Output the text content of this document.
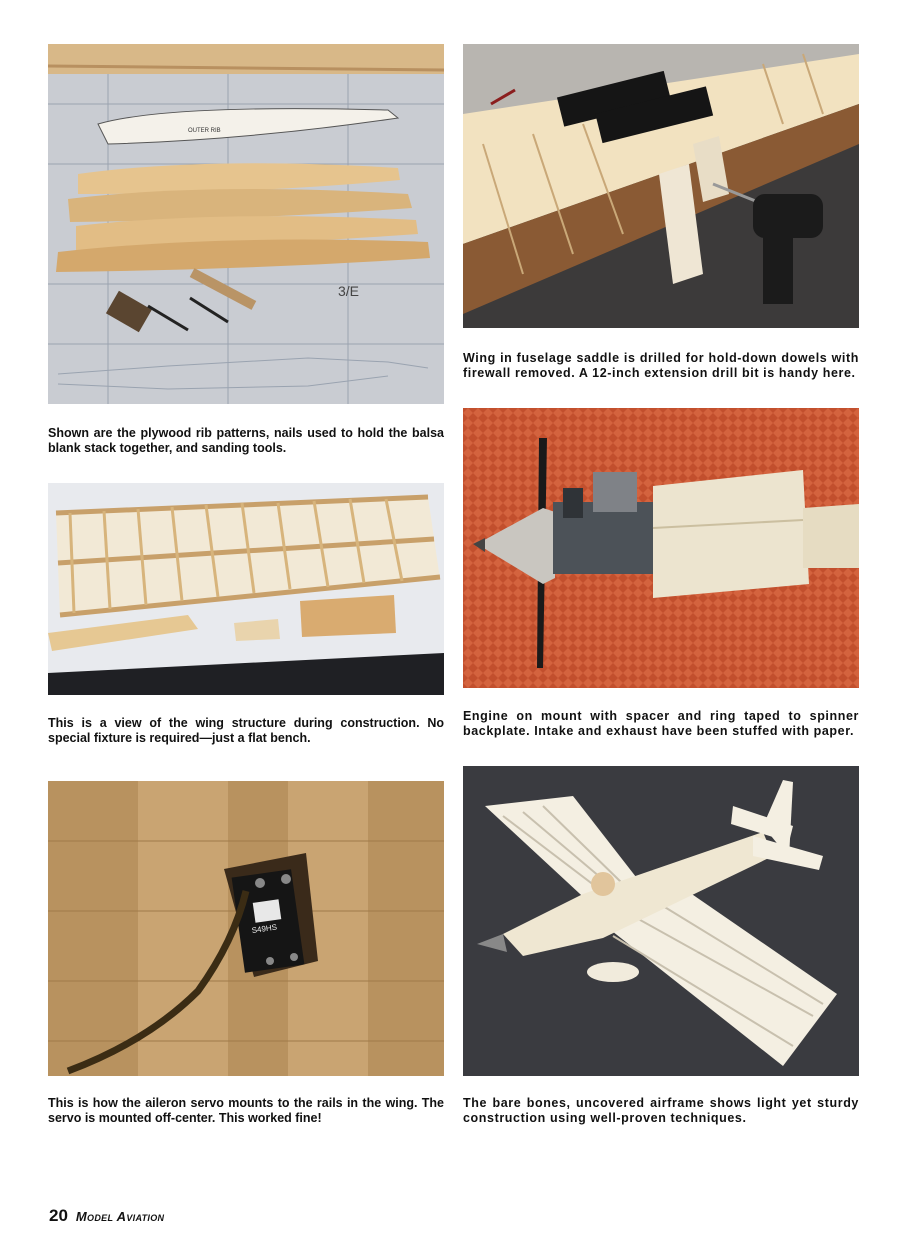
OUTER RIB
3/E

Wing in fuselage saddle is drilled for hold-down dowels with firewall removed. A 12-inch extension drill bit is handy here.

Shown are the plywood rib patterns, nails used to hold the balsa blank stack together, and sanding tools.

Engine on mount with spacer and ring taped to spinner backplate. Intake and exhaust have been stuffed with paper.

This is a view of the wing structure during construction. No special fixture is required—just a flat bench.

S49HS

This is how the aileron servo mounts to the rails in the wing. The servo is mounted off-center. This worked fine!

The bare bones, uncovered airframe shows light yet sturdy construction using well-proven techniques.

20 Model Aviation
